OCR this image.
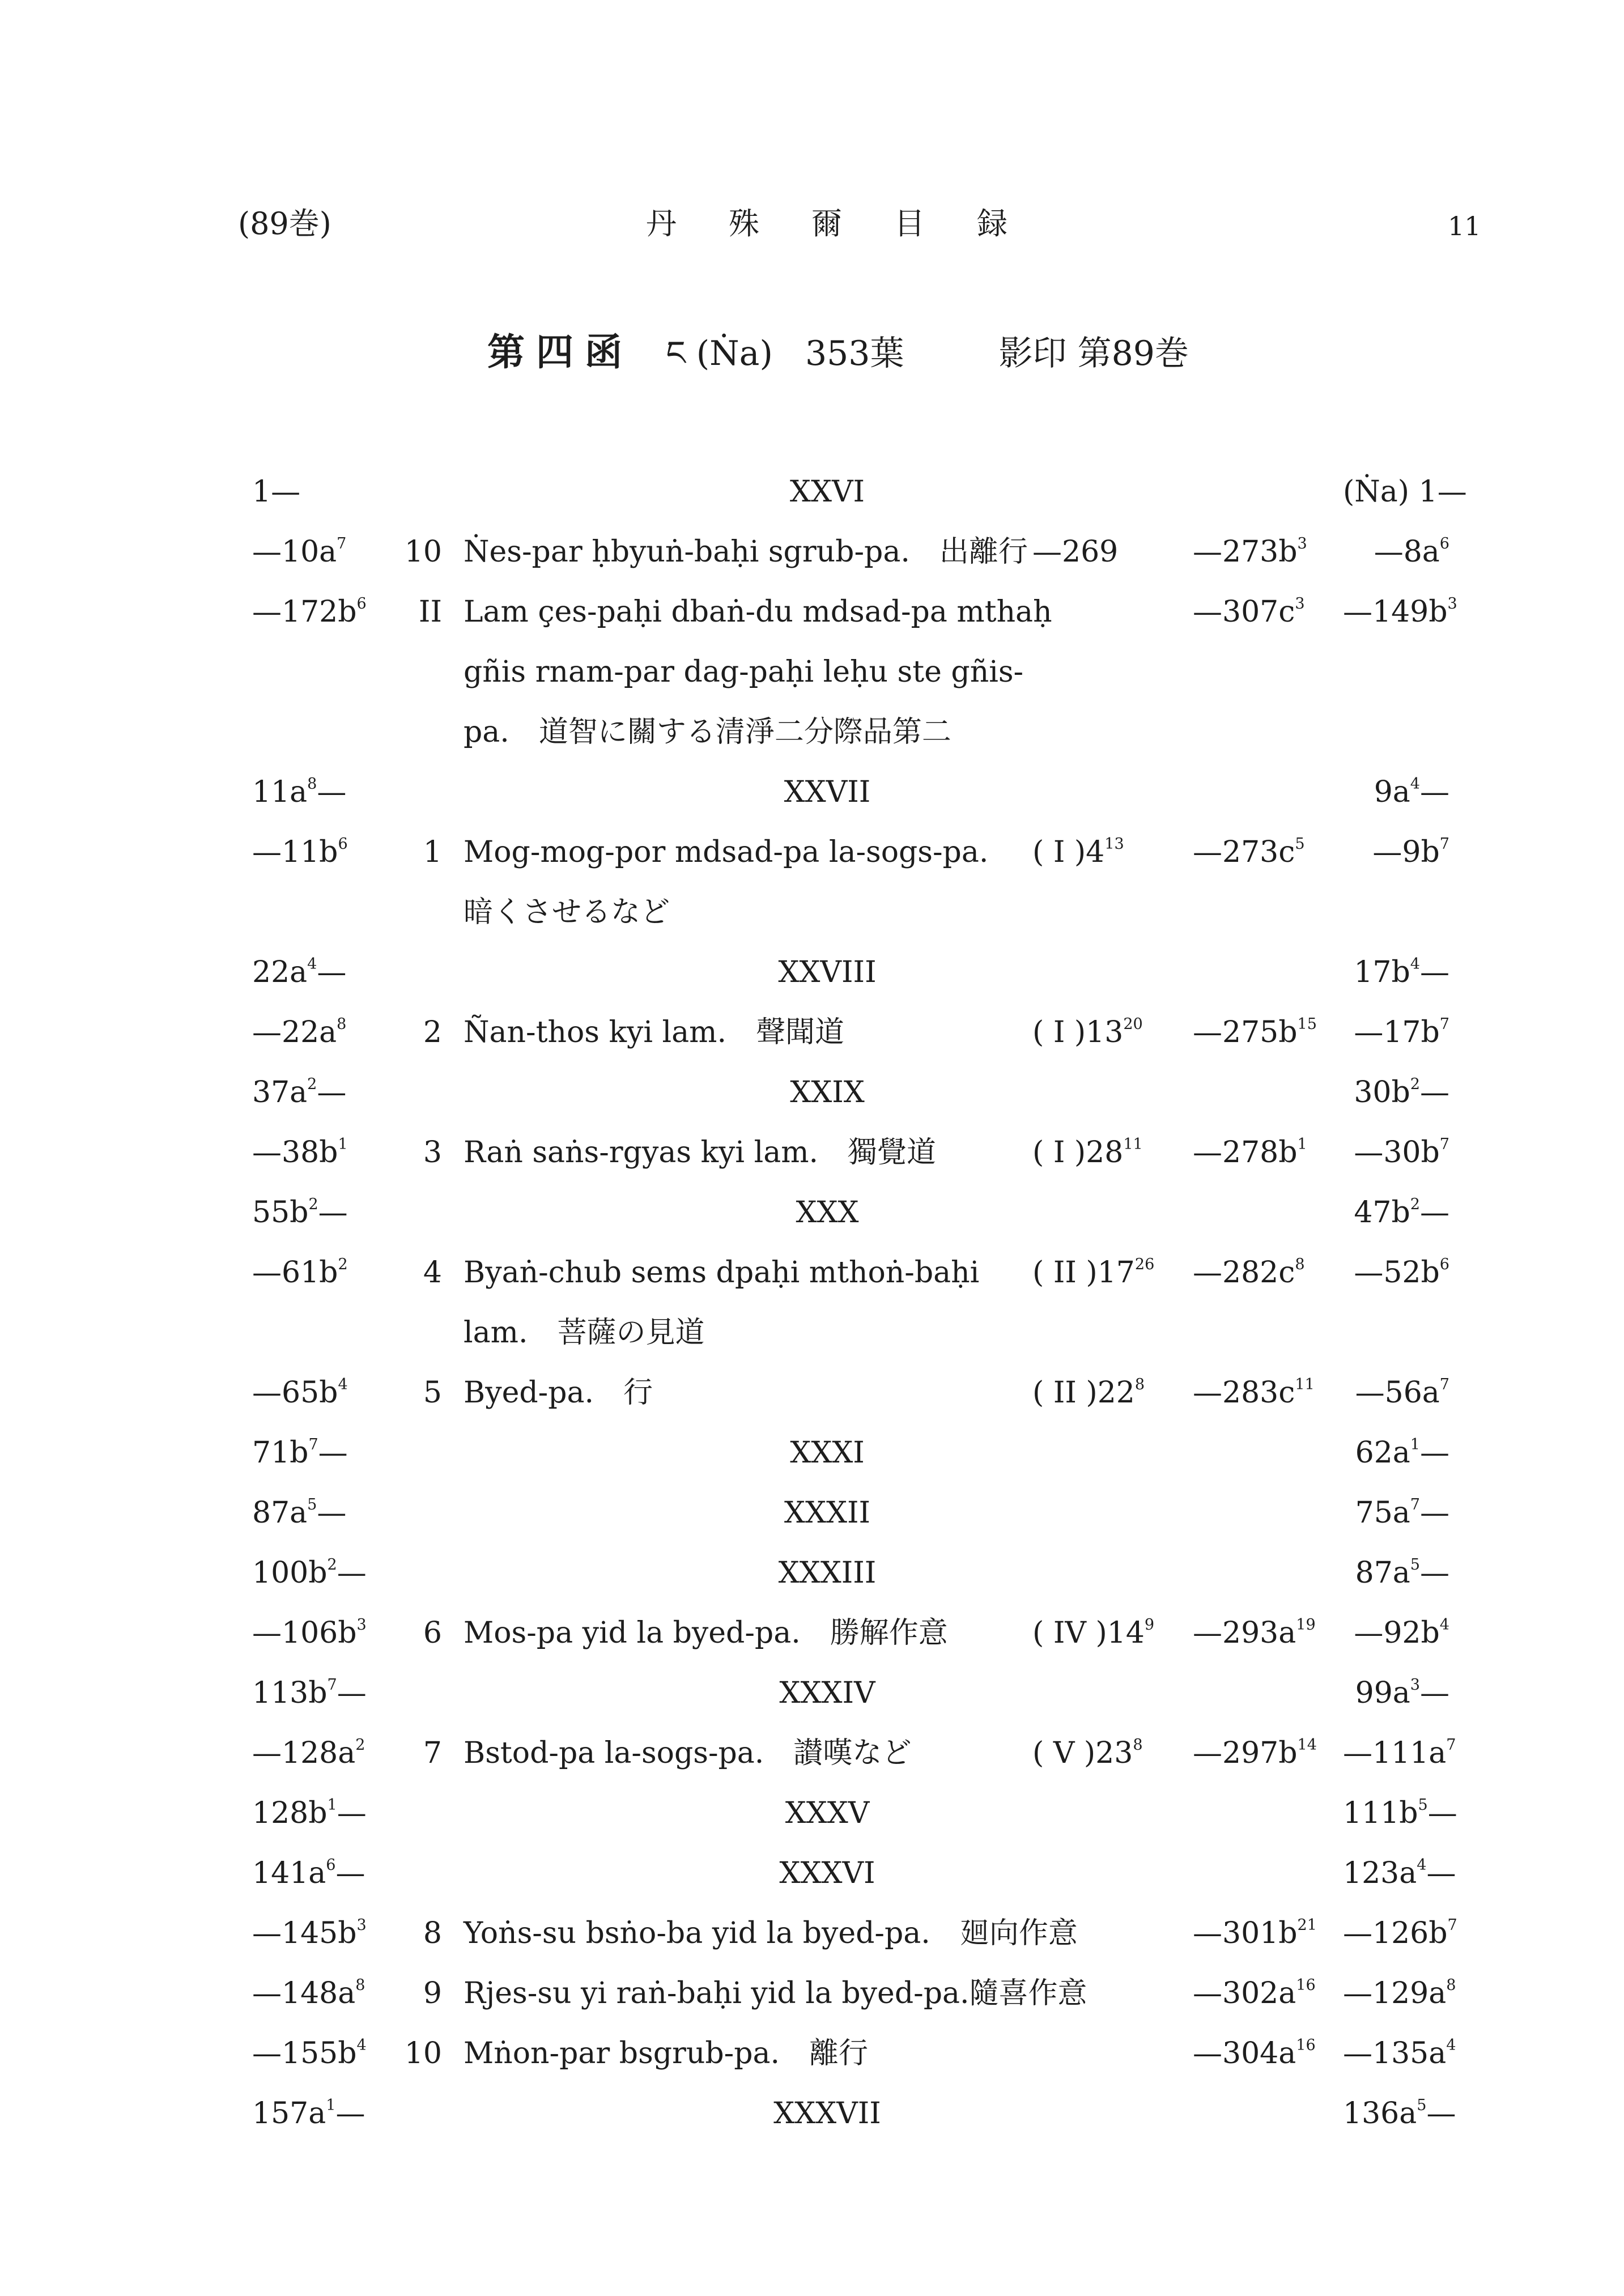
(89巻)	丹殊爾目録	11
第四函 ང (Ṅa) 353葉	影印 第89巻
1—	XXVI	(Ṅa) 1—
$—10a^7$	10 Ṅes-par ḥbyuṅ-baḥi sgrub-pa.　出離行 —269	$—273b^3$	$—8a^6$
$—172b^6$	II Lam çes-paḥi dbaṅ-du mdsad-pa mthaḥ	$—307c^3$ $—149b^3$
gñis rnam-par dag-paḥi leḥu ste gñis-
pa.　道智に關する清淨二分際品第二
$11a^8—$	XXVII	$9a^4—$
$—11b^6$	1 Mog-mog-por mdsad-pa la-sogs-pa. ( I )$4^{13}$ $—273c^5$	$—9b^7$
暗くさせるなど
$22a^4—$	XXVIII	$17b^4—$
$—22a^8$	2 Ñan-thos kyi lam.　聲聞道	( I )$13^{20}$ $—275b^{15}$	$—17b^7$
$37a^2—$	XXIX	$30b^2—$
$—38b^1$	3 Raṅ saṅs-rgyas kyi lam.　獨覺道	( I )$28^{11}$ $—278b^1$	$—30b^7$
$55b^2—$	XXX	$47b^2—$
$—61b^2$	4 Byaṅ-chub sems dpaḥi mthoṅ-baḥi ( II )$17^{26}$ $—282c^8$	$—52b^6$
lam.　菩薩の見道
$—65b^4$	5 Byed-pa.　行	( II )$22^8$ $—283c^{11}$	$—56a^7$
$71b^7—$	XXXI	$62a^1—$
$87a^5—$	XXXII	$75a^7—$
$100b^2—$	XXXIII	$87a^5—$
$—106b^3$	6 Mos-pa yid la byed-pa.　勝解作意	( IV )$14^9$ $—293a^{19}$	$—92b^4$
$113b^7—$	XXXIV	$99a^3—$
$—128a^2$	7 Bstod-pa la-sogs-pa.　讃嘆など	( V )$23^8$ $—297b^{14}$ $—111a^7$
$128b^1—$	XXXV	$111b^5—$
$141a^6—$	XXXVI	$123a^4—$
$—145b^3$	8 Yoṅs-su bsṅo-ba yid la byed-pa.　廻向作意	$—301b^{21}$ $—126b^7$
$—148a^8$	9 Rjes-su yi raṅ-baḥi yid la byed-pa.隨喜作意	$—302a^{16}$ $—129a^8$
$—155b^4$	10 Mṅon-par bsgrub-pa.　離行	$—304a^{16}$ $—135a^4$
$157a^1—$	XXXVII	$136a^5—$
